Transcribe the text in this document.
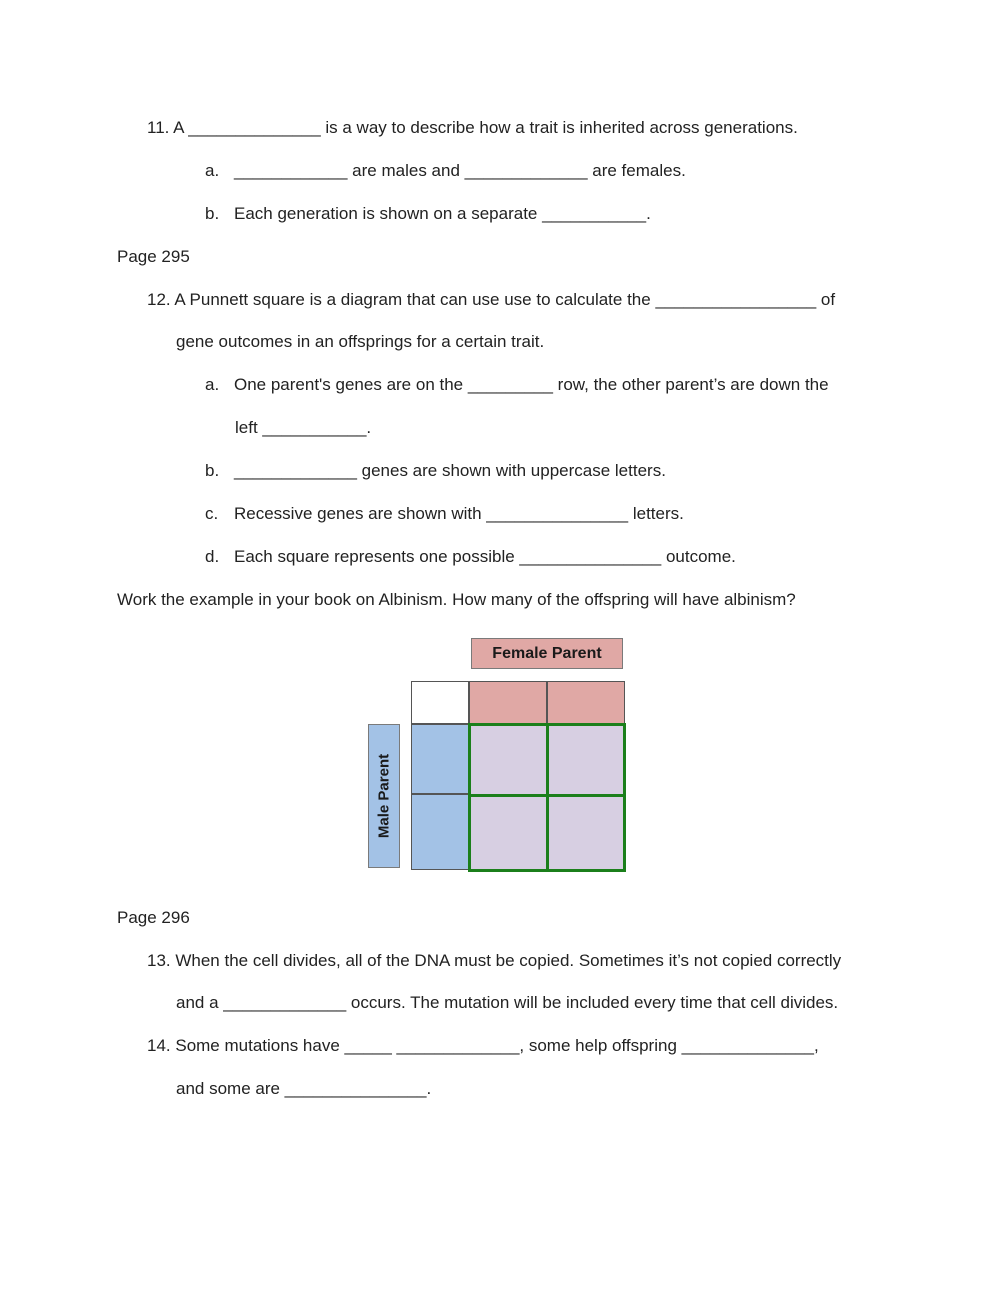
11. A ______________ is a way to describe how a trait is inherited across generations.
a. ____________ are males and _____________ are females.
b. Each generation is shown on a separate ___________.
Page 295
12. A Punnett square is a diagram that can use use to calculate the _________________ of
gene outcomes in an offsprings for a certain trait.
a. One parent's genes are on the _________ row, the other parent’s are down the
left ___________.
b. _____________ genes are shown with uppercase letters.
c. Recessive genes are shown with _______________ letters.
d. Each square represents one possible _______________ outcome.
Work the example in your book on Albinism. How many of the offspring will have albinism?
Female Parent
Male Parent
Page 296
13. When the cell divides, all of the DNA must be copied. Sometimes it’s not copied correctly
and a _____________ occurs. The mutation will be included every time that cell divides.
14. Some mutations have _____ _____________, some help offspring ______________,
and some are _______________.
